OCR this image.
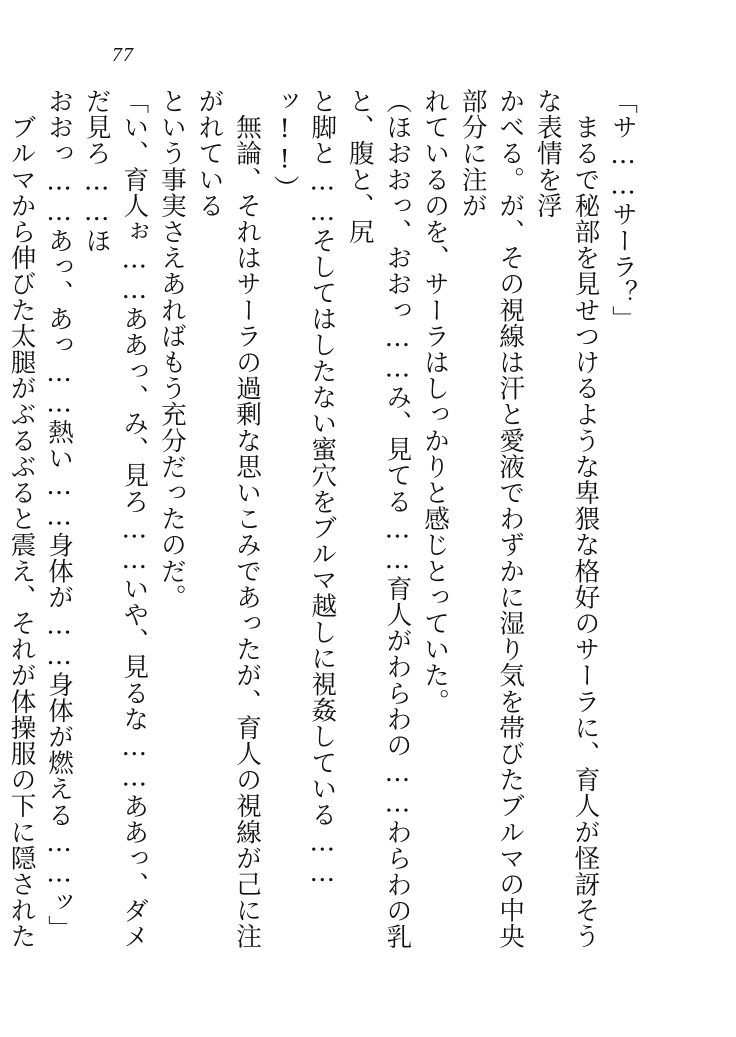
77

「サ……サーラ？」

　まるで秘部を見せつけるような卑猥な格好のサーラに、育人が怪訝そうな表情を浮

かべる。が、その視線は汗と愛液でわずかに湿り気を帯びたブルマの中央部分に注が

れているのを、サーラはしっかりと感じとっていた。

（ほおおっ、おおっ……み、見てる……育人がわらわの……わらわの乳と、腹と、尻

と脚と……そしてはしたない蜜穴をブルマ越しに視姦している……ッ!!）

　無論、それはサーラの過剰な思いこみであったが、育人の視線が己に注がれている

という事実さえあればもう充分だったのだ。

「い、育人ぉ……ああっ、み、見ろ……いや、見るな……ああっ、ダメだ見ろ……ほ

おおっ……あっ、あっ……熱い……身体が……身体が燃える……ッ」

　ブルマから伸びた太腿がぶるぶると震え、それが体操服の下に隠された
